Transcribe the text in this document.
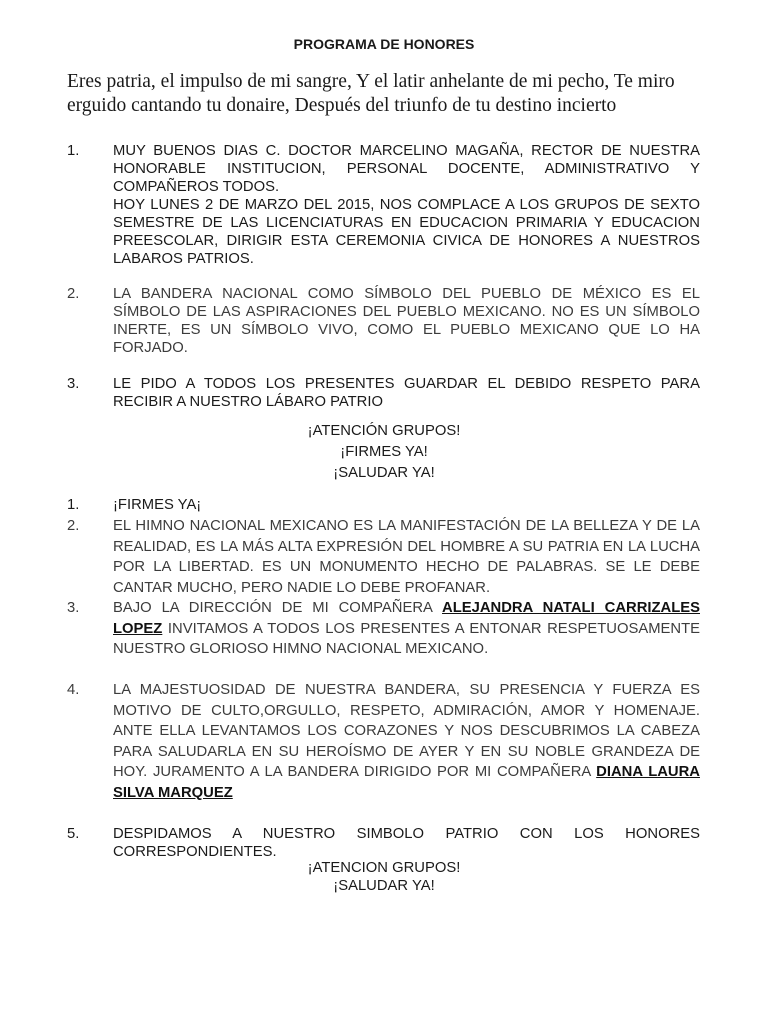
PROGRAMA DE HONORES
Eres patria, el impulso de mi sangre, Y el latir anhelante de mi pecho, Te miro erguido cantando tu donaire, Después del triunfo de tu destino incierto
1.	MUY BUENOS DIAS C. DOCTOR MARCELINO MAGAÑA, RECTOR DE NUESTRA HONORABLE INSTITUCION, PERSONAL DOCENTE, ADMINISTRATIVO Y COMPAÑEROS TODOS.
HOY LUNES 2 DE MARZO DEL 2015, NOS COMPLACE A LOS GRUPOS DE SEXTO SEMESTRE DE LAS LICENCIATURAS EN EDUCACION PRIMARIA Y EDUCACION PREESCOLAR, DIRIGIR ESTA CEREMONIA CIVICA DE HONORES A NUESTROS LABAROS PATRIOS.
2.	LA BANDERA NACIONAL COMO SÍMBOLO DEL PUEBLO DE MÉXICO ES EL SÍMBOLO DE LAS ASPIRACIONES DEL PUEBLO MEXICANO. NO ES UN SÍMBOLO INERTE, ES UN SÍMBOLO VIVO, COMO EL PUEBLO MEXICANO QUE LO HA FORJADO.
3.	LE PIDO A TODOS LOS PRESENTES GUARDAR EL DEBIDO RESPETO PARA RECIBIR A NUESTRO LÁBARO PATRIO
¡ATENCIÓN GRUPOS!
¡FIRMES YA!
¡SALUDAR YA!
1.	¡FIRMES YA¡
2.	EL HIMNO NACIONAL MEXICANO ES LA MANIFESTACIÓN DE LA BELLEZA Y DE LA REALIDAD, ES LA MÁS ALTA EXPRESIÓN DEL HOMBRE A SU PATRIA EN LA LUCHA POR LA LIBERTAD. ES UN MONUMENTO HECHO DE PALABRAS. SE LE DEBE CANTAR MUCHO, PERO NADIE LO DEBE PROFANAR.
3.	BAJO LA DIRECCIÓN DE MI COMPAÑERA ALEJANDRA NATALI CARRIZALES LOPEZ INVITAMOS A TODOS LOS PRESENTES A ENTONAR RESPETUOSAMENTE NUESTRO GLORIOSO HIMNO NACIONAL MEXICANO.
4.	LA MAJESTUOSIDAD DE NUESTRA BANDERA, SU PRESENCIA Y FUERZA ES MOTIVO DE CULTO,ORGULLO, RESPETO, ADMIRACIÓN, AMOR Y HOMENAJE. ANTE ELLA LEVANTAMOS LOS CORAZONES Y NOS DESCUBRIMOS LA CABEZA PARA SALUDARLA EN SU HEROÍSMO DE AYER Y EN SU NOBLE GRANDEZA DE HOY. JURAMENTO A LA BANDERA DIRIGIDO POR MI COMPAÑERA DIANA LAURA SILVA MARQUEZ
5.	DESPIDAMOS A NUESTRO SIMBOLO PATRIO CON LOS HONORES CORRESPONDIENTES.
¡ATENCION GRUPOS!
¡SALUDAR YA!
